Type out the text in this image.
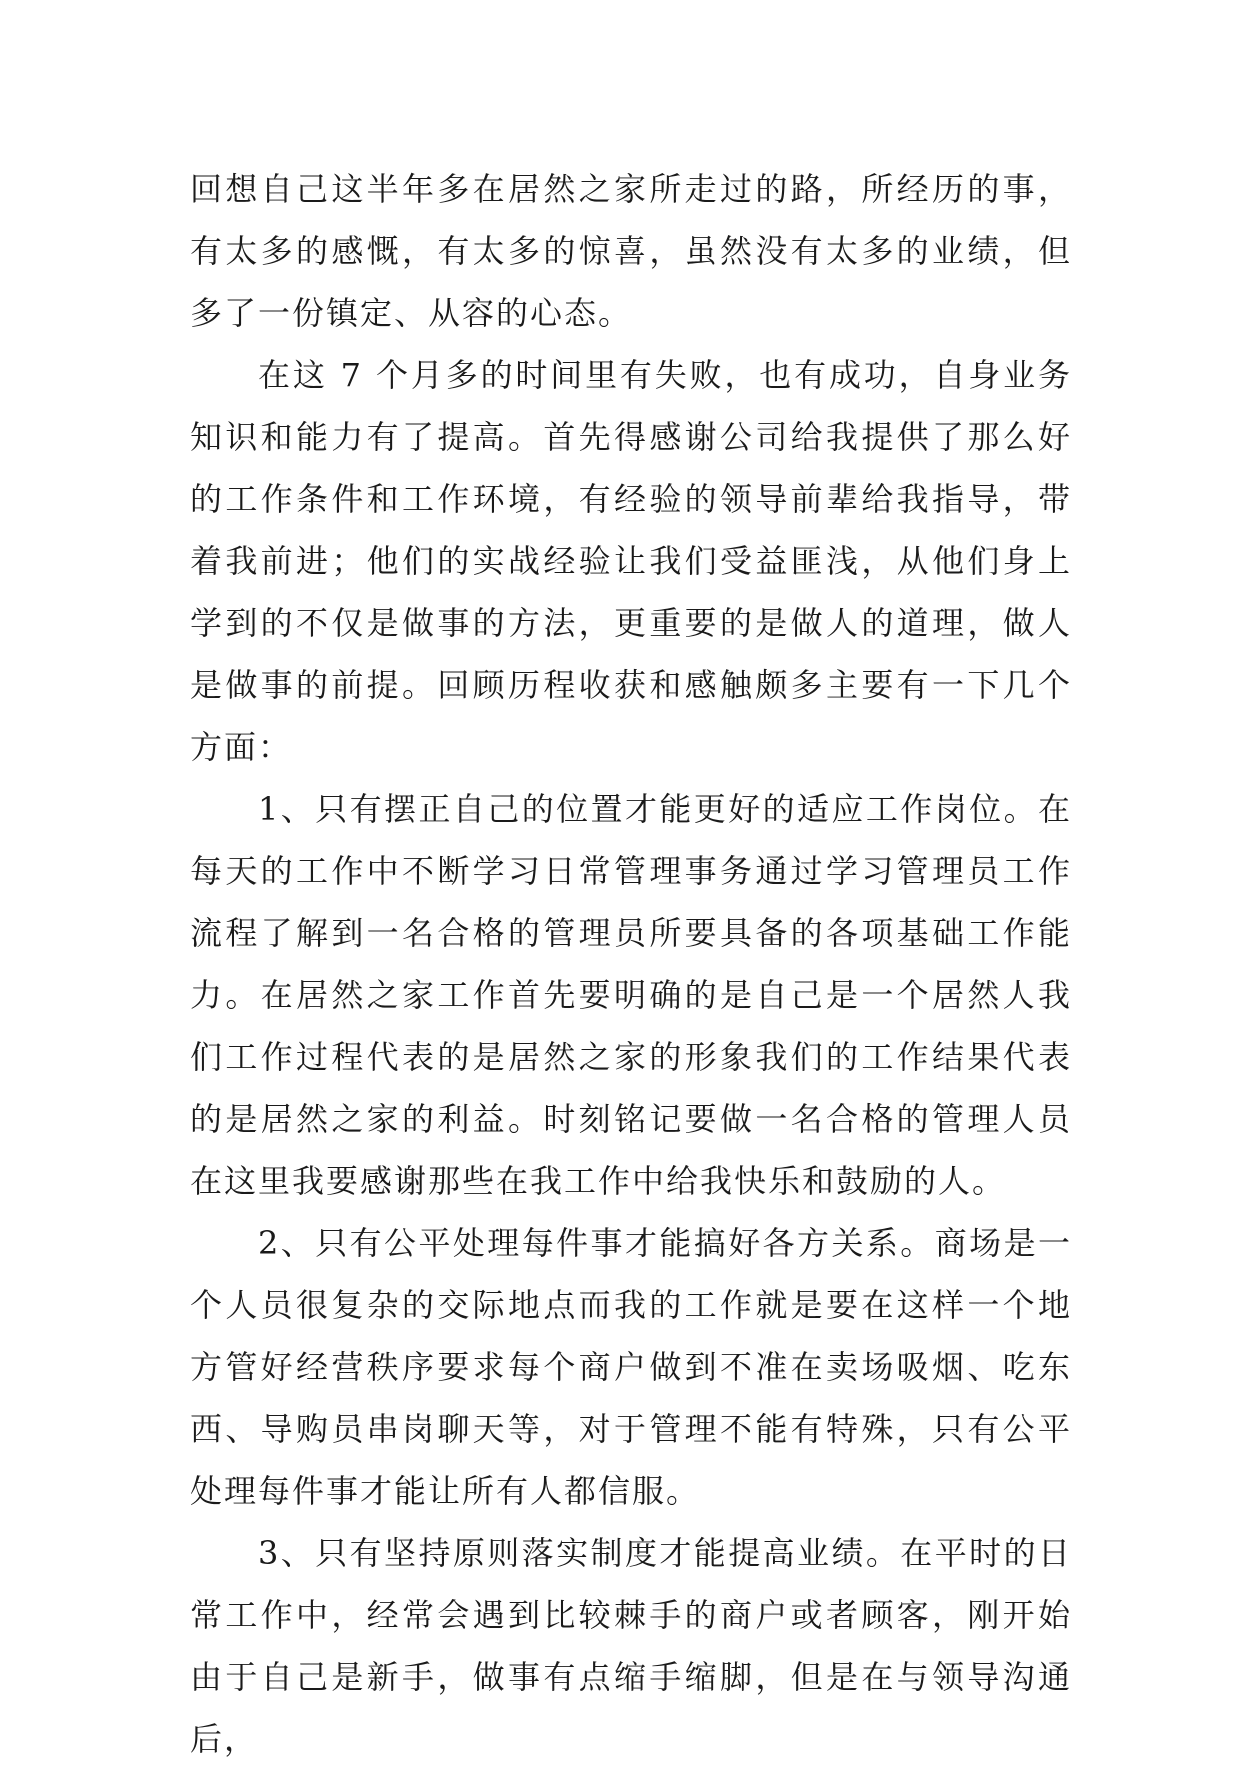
回想自己这半年多在居然之家所走过的路，所经历的事，有太多的感慨，有太多的惊喜，虽然没有太多的业绩，但多了一份镇定、从容的心态。

在这 7 个月多的时间里有失败，也有成功，自身业务知识和能力有了提高。首先得感谢公司给我提供了那么好的工作条件和工作环境，有经验的领导前辈给我指导，带着我前进；他们的实战经验让我们受益匪浅，从他们身上学到的不仅是做事的方法，更重要的是做人的道理，做人是做事的前提。回顾历程收获和感触颇多主要有一下几个方面：

1、只有摆正自己的位置才能更好的适应工作岗位。在每天的工作中不断学习日常管理事务通过学习管理员工作流程了解到一名合格的管理员所要具备的各项基础工作能力。在居然之家工作首先要明确的是自己是一个居然人我们工作过程代表的是居然之家的形象我们的工作结果代表的是居然之家的利益。时刻铭记要做一名合格的管理人员在这里我要感谢那些在我工作中给我快乐和鼓励的人。

2、只有公平处理每件事才能搞好各方关系。商场是一个人员很复杂的交际地点而我的工作就是要在这样一个地方管好经营秩序要求每个商户做到不准在卖场吸烟、吃东西、导购员串岗聊天等，对于管理不能有特殊，只有公平处理每件事才能让所有人都信服。

3、只有坚持原则落实制度才能提高业绩。在平时的日常工作中，经常会遇到比较棘手的商户或者顾客，刚开始由于自己是新手，做事有点缩手缩脚，但是在与领导沟通后，
